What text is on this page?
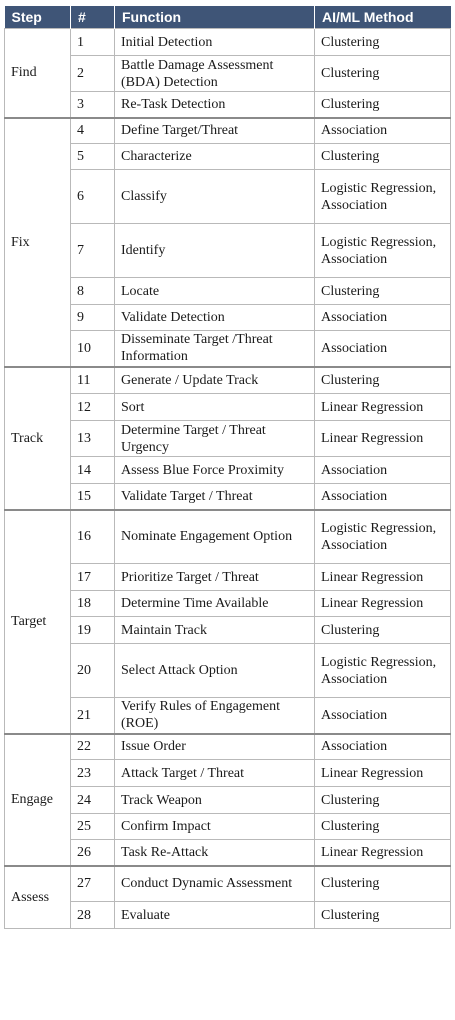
Step	#	Function	AI/ML Method
Find	1	Initial Detection	Clustering
	2	Battle Damage Assessment (BDA) Detection	Clustering
	3	Re-Task Detection	Clustering
Fix	4	Define Target/Threat	Association
	5	Characterize	Clustering
	6	Classify	Logistic Regression, Association
	7	Identify	Logistic Regression, Association
	8	Locate	Clustering
	9	Validate Detection	Association
	10	Disseminate Target /Threat Information	Association
Track	11	Generate / Update Track	Clustering
	12	Sort	Linear Regression
	13	Determine Target / Threat Urgency	Linear Regression
	14	Assess Blue Force Proximity	Association
	15	Validate Target / Threat	Association
Target	16	Nominate Engagement Option	Logistic Regression, Association
	17	Prioritize Target / Threat	Linear Regression
	18	Determine Time Available	Linear Regression
	19	Maintain Track	Clustering
	20	Select Attack Option	Logistic Regression, Association
	21	Verify Rules of Engagement (ROE)	Association
Engage	22	Issue Order	Association
	23	Attack Target / Threat	Linear Regression
	24	Track Weapon	Clustering
	25	Confirm Impact	Clustering
	26	Task Re-Attack	Linear Regression
Assess	27	Conduct Dynamic Assessment	Clustering
	28	Evaluate	Clustering
